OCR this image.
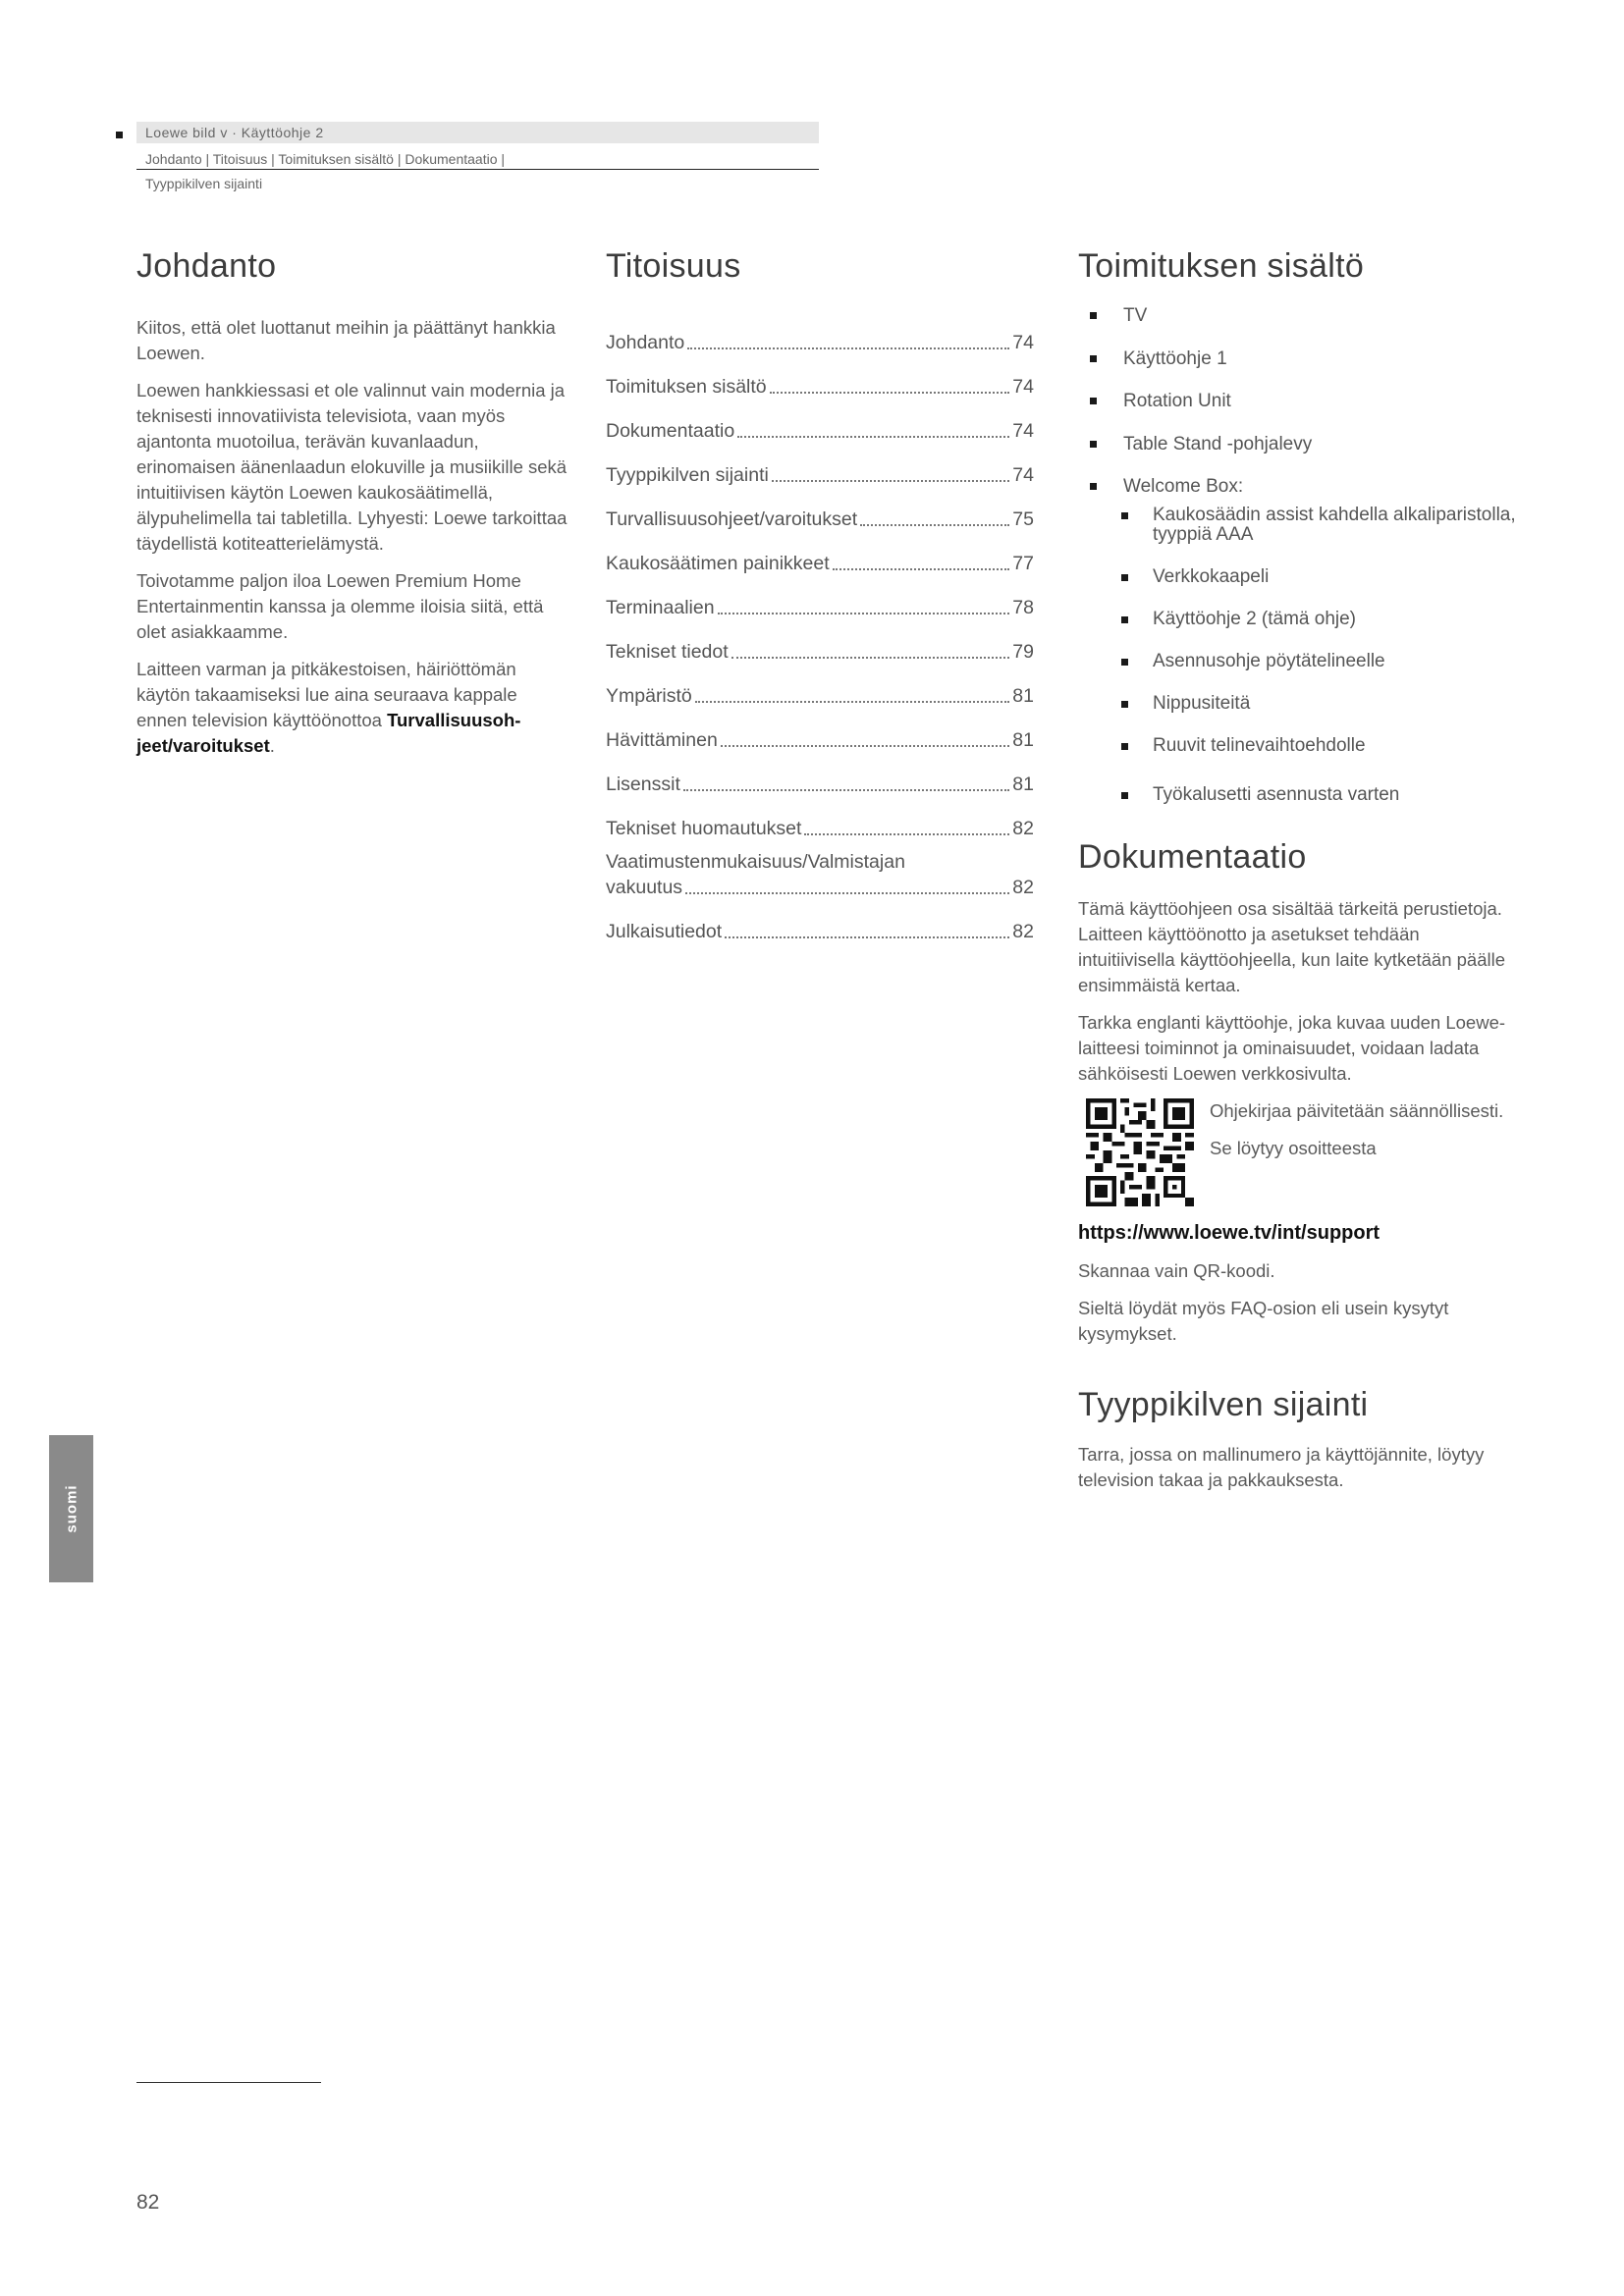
Loewe bild v · Käyttöohje 2
Johdanto | Titoisuus | Toimituksen sisältö | Dokumentaatio |
Tyyppikilven sijainti
Johdanto

Kiitos, että olet luottanut meihin ja päättänyt hankkia Loewen.

Loewen hankkiessasi et ole valinnut vain modernia ja teknisesti innovatiivista televisiota, vaan myös ajantonta muotoilua, terävän kuvanlaadun, erinomaisen äänenlaadun elokuville ja musiikille sekä intuitiivisen käytön Loewen kaukosäätimellä, älypuhelimella tai tabletilla. Lyhyesti: Loewe tarkoittaa täydellistä kotiteatterielämystä.

Toivotamme paljon iloa Loewen Premium Home Entertainmentin kanssa ja olemme iloisia siitä, että olet asiakkaamme.

Laitteen varman ja pitkäkestoisen, häiriöttömän käytön takaamiseksi lue aina seuraava kappale ennen television käyttöönottoa Turvallisuusohjeet/varoitukset.

Titoisuus
Johdanto	74
Toimituksen sisältö	74
Dokumentaatio	74
Tyyppikilven sijainti	74
Turvallisuusohjeet/varoitukset	75
Kaukosäätimen painikkeet	77
Terminaalien	78
Tekniset tiedot	79
Ympäristö	81
Hävittäminen	81
Lisenssit	81
Tekniset huomautukset	82
Vaatimustenmukaisuus/Valmistajan
vakuutus	82
Julkaisutiedot	82
Toimituksen sisältö
TV
Käyttöohje 1
Rotation Unit
Table Stand -pohjalevy
Welcome Box:
Kaukosäädin assist kahdella alkaliparistolla, tyyppiä AAA
Verkkokaapeli
Käyttöohje 2 (tämä ohje)
Asennusohje pöytätelineelle
Nippusiteitä
Ruuvit telinevaihtoehdolle
Työkalusetti asennusta varten
Dokumentaatio

Tämä käyttöohjeen osa sisältää tärkeitä perustietoja. Laitteen käyttöönotto ja asetukset tehdään intuitiivisella käyttöohjeella, kun laite kytketään päälle ensimmäistä kertaa.

Tarkka englanti käyttöohje, joka kuvaa uuden Loewe-laitteesi toiminnot ja ominaisuudet, voidaan ladata sähköisesti Loewen verkkosivulta.

Ohjekirjaa päivitetään säännöllisesti.

Se löytyy osoitteesta

https://www.loewe.tv/int/support

Skannaa vain QR-koodi.

Sieltä löydät myös FAQ-osion eli usein kysytyt kysymykset.

Tyyppikilven sijainti

Tarra, jossa on mallinumero ja käyttöjännite, löytyy television takaa ja pakkauksesta.

suomi
82
